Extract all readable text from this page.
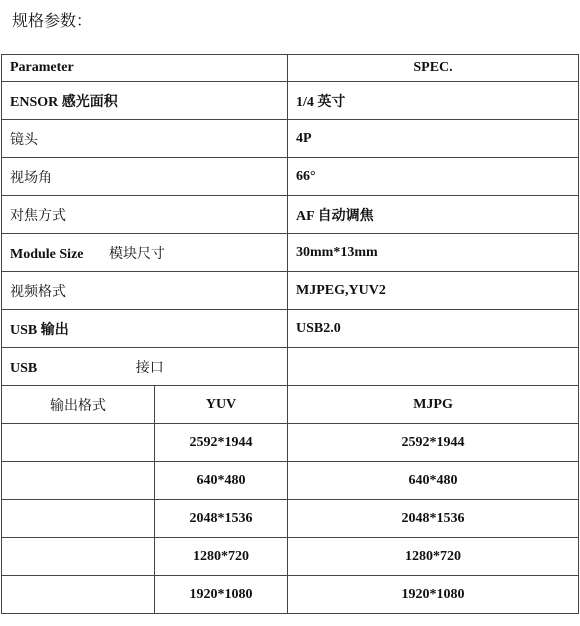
规格参数：
Parameter		SPEC.
ENSOR 感光面积		1/4 英寸
镜头		4P
视场角		66°
对焦方式		AF 自动调焦
Module Size 模块尺寸		30mm*13mm
视频格式		MJPEG,YUV2
USB 输出		USB2.0
USB 接口		
输出格式	YUV	MJPG
	2592*1944	2592*1944
	640*480	640*480
	2048*1536	2048*1536
	1280*720	1280*720
	1920*1080	1920*1080
